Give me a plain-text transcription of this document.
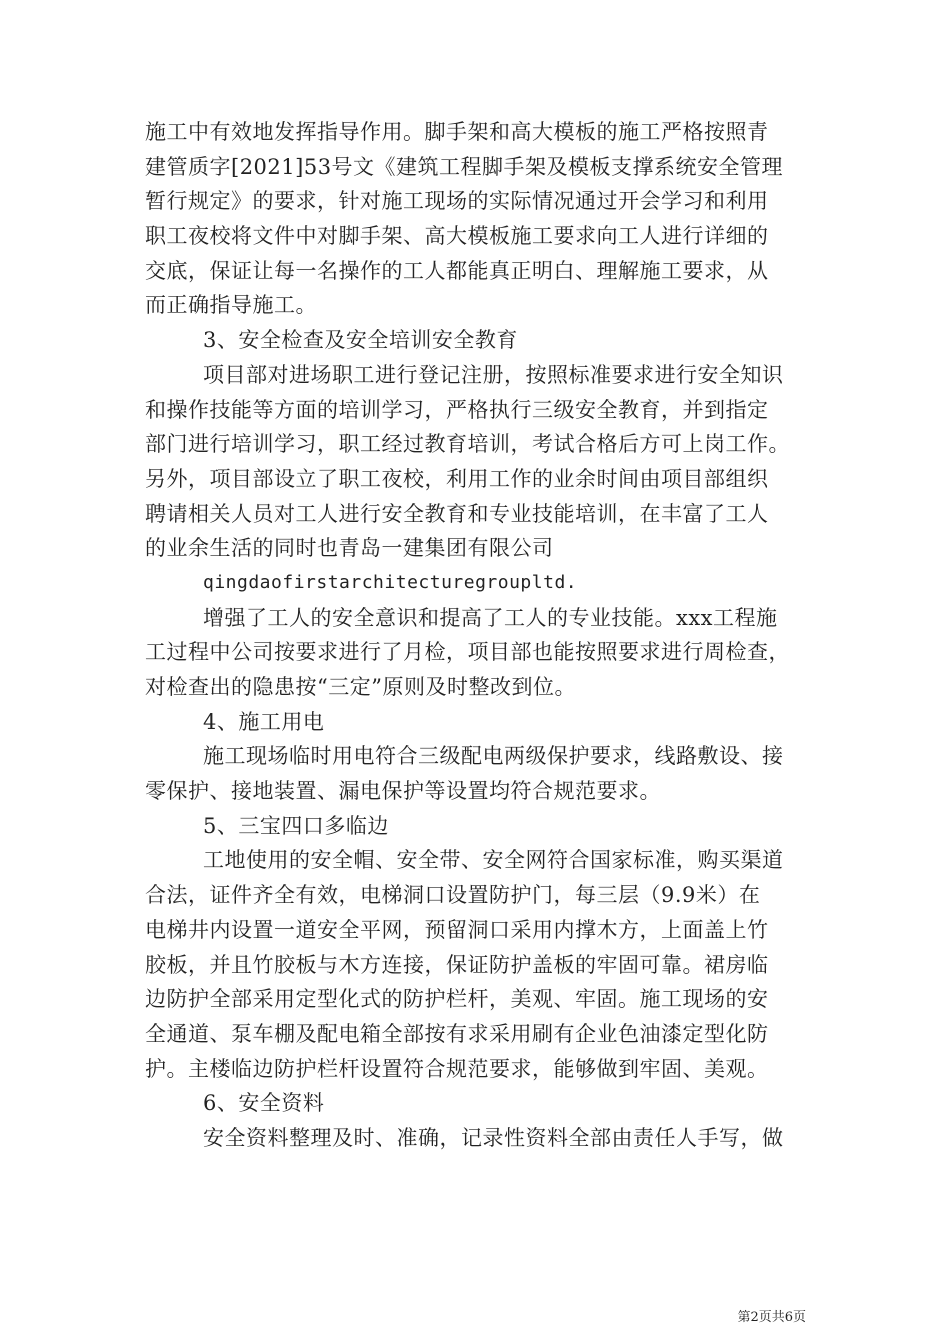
施工中有效地发挥指导作用。脚手架和高大模板的施工严格按照青
建管质字[2021]53号文《建筑工程脚手架及模板支撑系统安全管理
暂行规定》的要求，针对施工现场的实际情况通过开会学习和利用
职工夜校将文件中对脚手架、高大模板施工要求向工人进行详细的
交底，保证让每一名操作的工人都能真正明白、理解施工要求，从
而正确指导施工。
3、安全检查及安全培训安全教育
项目部对进场职工进行登记注册，按照标准要求进行安全知识
和操作技能等方面的培训学习，严格执行三级安全教育，并到指定
部门进行培训学习，职工经过教育培训，考试合格后方可上岗工作。
另外，项目部设立了职工夜校，利用工作的业余时间由项目部组织
聘请相关人员对工人进行安全教育和专业技能培训，在丰富了工人
的业余生活的同时也青岛一建集团有限公司
qingdaofirstarchitecturegroupltd.
增强了工人的安全意识和提高了工人的专业技能。xxx工程施
工过程中公司按要求进行了月检，项目部也能按照要求进行周检查，
对检查出的隐患按“三定”原则及时整改到位。
4、施工用电
施工现场临时用电符合三级配电两级保护要求，线路敷设、接
零保护、接地装置、漏电保护等设置均符合规范要求。
5、三宝四口多临边
工地使用的安全帽、安全带、安全网符合国家标准，购买渠道
合法，证件齐全有效，电梯洞口设置防护门，每三层（9.9米）在
电梯井内设置一道安全平网，预留洞口采用内撑木方，上面盖上竹
胶板，并且竹胶板与木方连接，保证防护盖板的牢固可靠。裙房临
边防护全部采用定型化式的防护栏杆，美观、牢固。施工现场的安
全通道、泵车棚及配电箱全部按有求采用刷有企业色油漆定型化防
护。主楼临边防护栏杆设置符合规范要求，能够做到牢固、美观。
6、安全资料
安全资料整理及时、准确，记录性资料全部由责任人手写，做
第2页共6页
